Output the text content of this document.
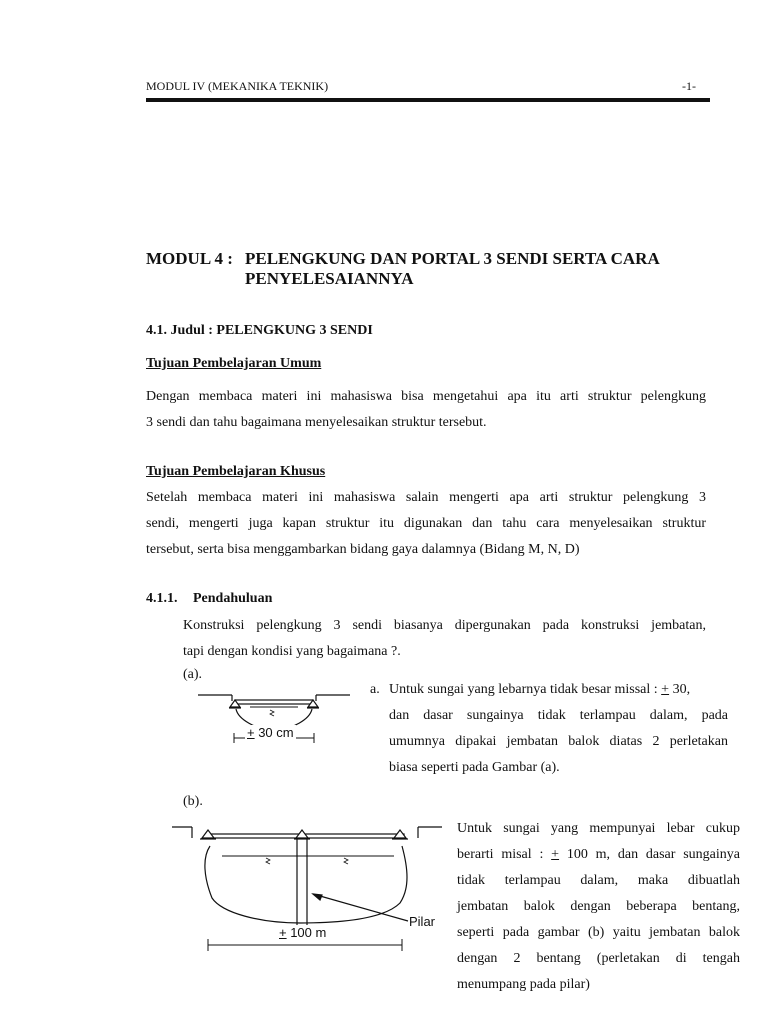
MODUL IV (MEKANIKA TEKNIK)	-1-
MODUL 4 : PELENGKUNG DAN PORTAL 3 SENDI SERTA CARA
PENYELESAIANNYA
4.1. Judul : PELENGKUNG 3 SENDI
Tujuan Pembelajaran Umum
Dengan membaca materi ini mahasiswa bisa mengetahui apa itu arti struktur pelengkung
3 sendi dan tahu bagaimana menyelesaikan struktur tersebut.
Tujuan Pembelajaran Khusus
Setelah membaca materi ini mahasiswa salain mengerti apa arti struktur pelengkung 3
sendi, mengerti juga kapan struktur itu digunakan dan tahu cara menyelesaikan struktur
tersebut, serta bisa menggambarkan bidang gaya dalamnya (Bidang M, N, D)
4.1.1. Pendahuluan
Konstruksi pelengkung 3 sendi biasanya dipergunakan pada konstruksi jembatan,
tapi dengan kondisi yang bagaimana ?.
(a).
+ 30 cm
a. Untuk sungai yang lebarnya tidak besar missal : + 30,
dan dasar sungainya tidak terlampau dalam, pada
umumnya dipakai jembatan balok diatas 2 perletakan
biasa seperti pada Gambar (a).
(b).
Pilar
+ 100 m
Untuk sungai yang mempunyai lebar cukup
berarti misal : + 100 m, dan dasar sungainya
tidak terlampau dalam, maka dibuatlah
jembatan balok dengan beberapa bentang,
seperti pada gambar (b) yaitu jembatan balok
dengan 2 bentang (perletakan di tengah
menumpang pada pilar)
